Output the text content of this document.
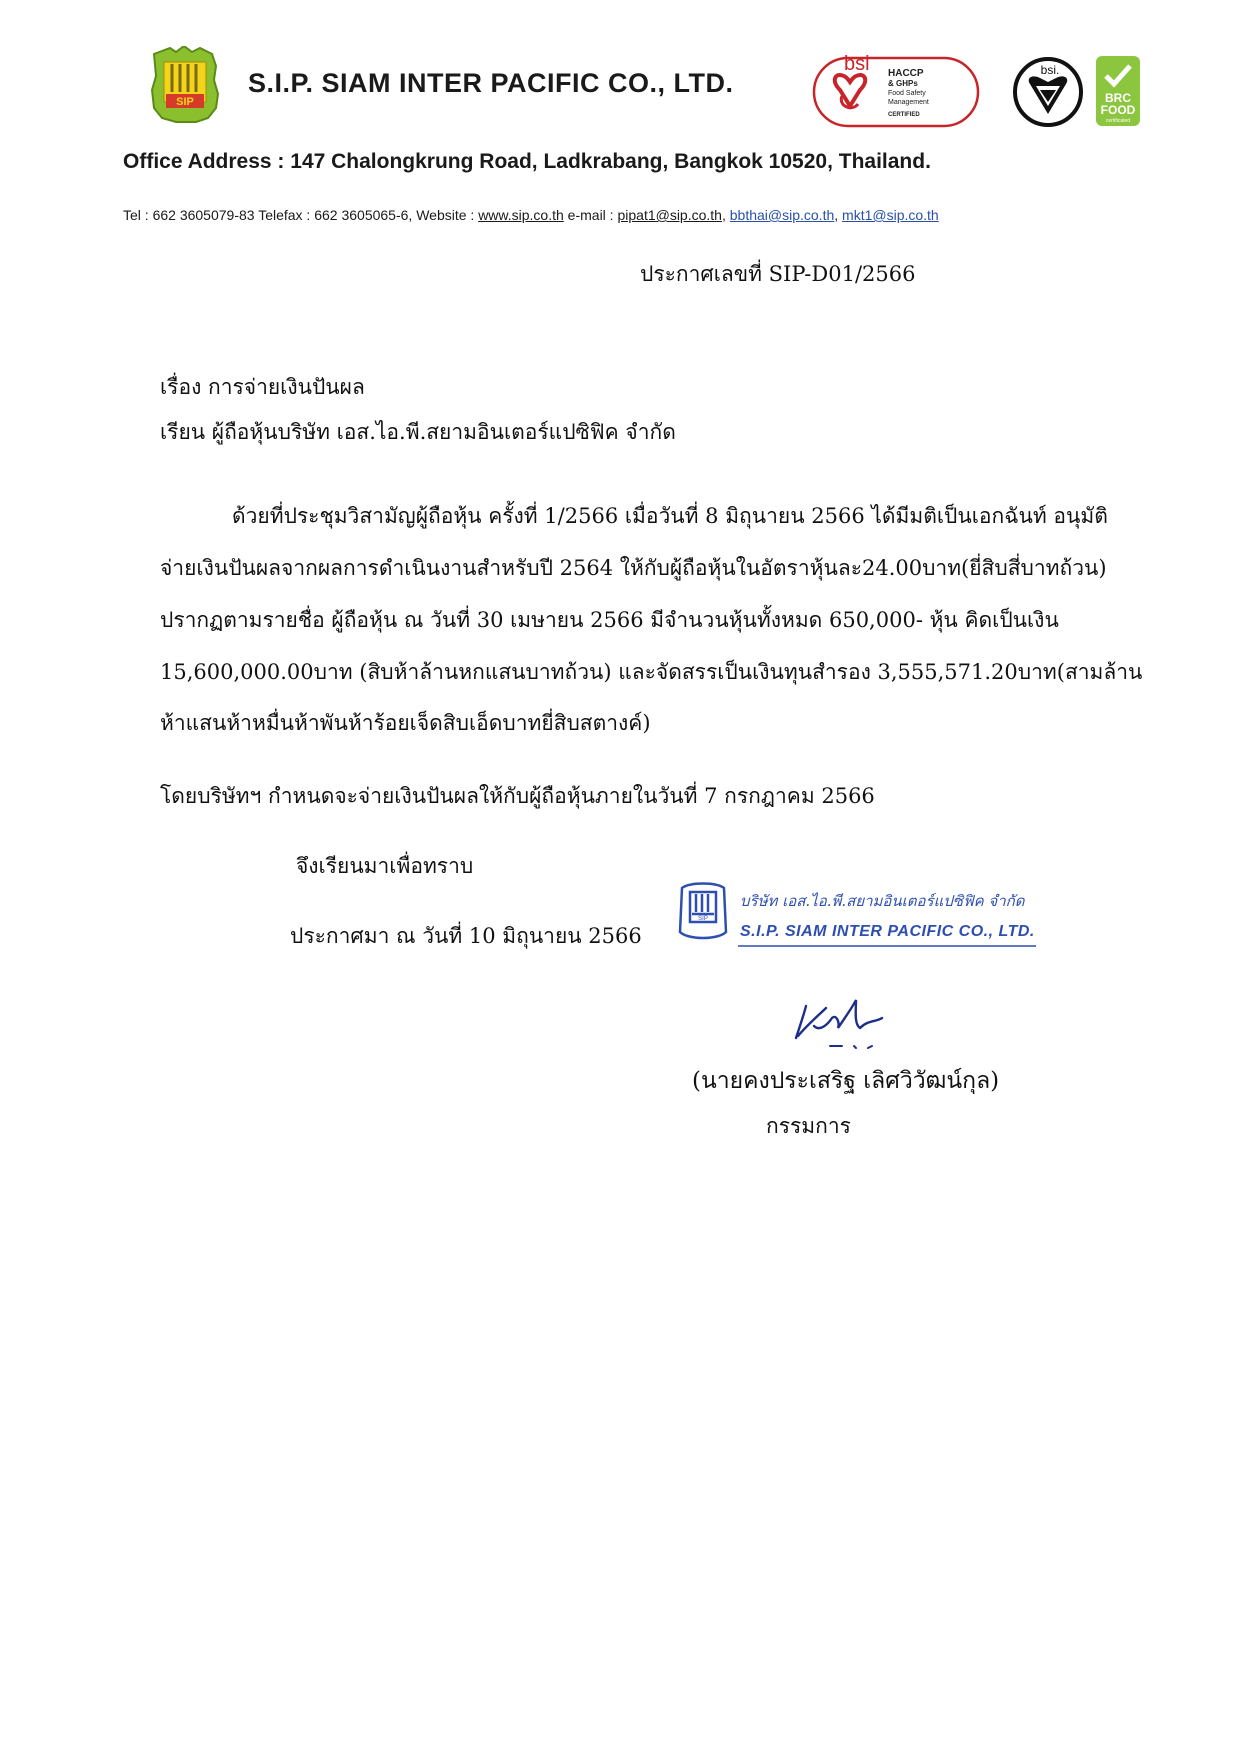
SIP
S.I.P. SIAM INTER PACIFIC CO., LTD.
bsi HACCP
& GHPs
Food Safety
Management
CERTIFIED
bsi.
BRC
FOOD
certificated
Office Address : 147 Chalongkrung Road, Ladkrabang, Bangkok 10520, Thailand.
Tel : 662 3605079-83 Telefax : 662 3605065-6, Website : www.sip.co.th e-mail : pipat1@sip.co.th, bbthai@sip.co.th, mkt1@sip.co.th
ประกาศเลขที่ SIP-D01/2566
เรื่อง การจ่ายเงินปันผล
เรียน ผู้ถือหุ้นบริษัท เอส.ไอ.พี.สยามอินเตอร์แปซิฟิค จำกัด
ด้วยที่ประชุมวิสามัญผู้ถือหุ้น ครั้งที่ 1/2566 เมื่อวันที่ 8 มิถุนายน 2566 ได้มีมติเป็นเอกฉันท์ อนุมัติ
จ่ายเงินปันผลจากผลการดำเนินงานสำหรับปี 2564 ให้กับผู้ถือหุ้นในอัตราหุ้นละ24.00บาท(ยี่สิบสี่บาทถ้วน)
ปรากฏตามรายชื่อ ผู้ถือหุ้น ณ วันที่ 30 เมษายน 2566 มีจำนวนหุ้นทั้งหมด 650,000- หุ้น คิดเป็นเงิน
15,600,000.00บาท (สิบห้าล้านหกแสนบาทถ้วน) และจัดสรรเป็นเงินทุนสำรอง 3,555,571.20บาท(สามล้าน
ห้าแสนห้าหมื่นห้าพันห้าร้อยเจ็ดสิบเอ็ดบาทยี่สิบสตางค์)
โดยบริษัทฯ กำหนดจะจ่ายเงินปันผลให้กับผู้ถือหุ้นภายในวันที่ 7 กรกฎาคม 2566
จึงเรียนมาเพื่อทราบ
ประกาศมา ณ วันที่ 10 มิถุนายน 2566
SIP
บริษัท เอส.ไอ.พี.สยามอินเตอร์แปซิฟิค จำกัด
S.I.P. SIAM INTER PACIFIC CO., LTD.
(นายคงประเสริฐ เลิศวิวัฒน์กุล)
กรรมการ
